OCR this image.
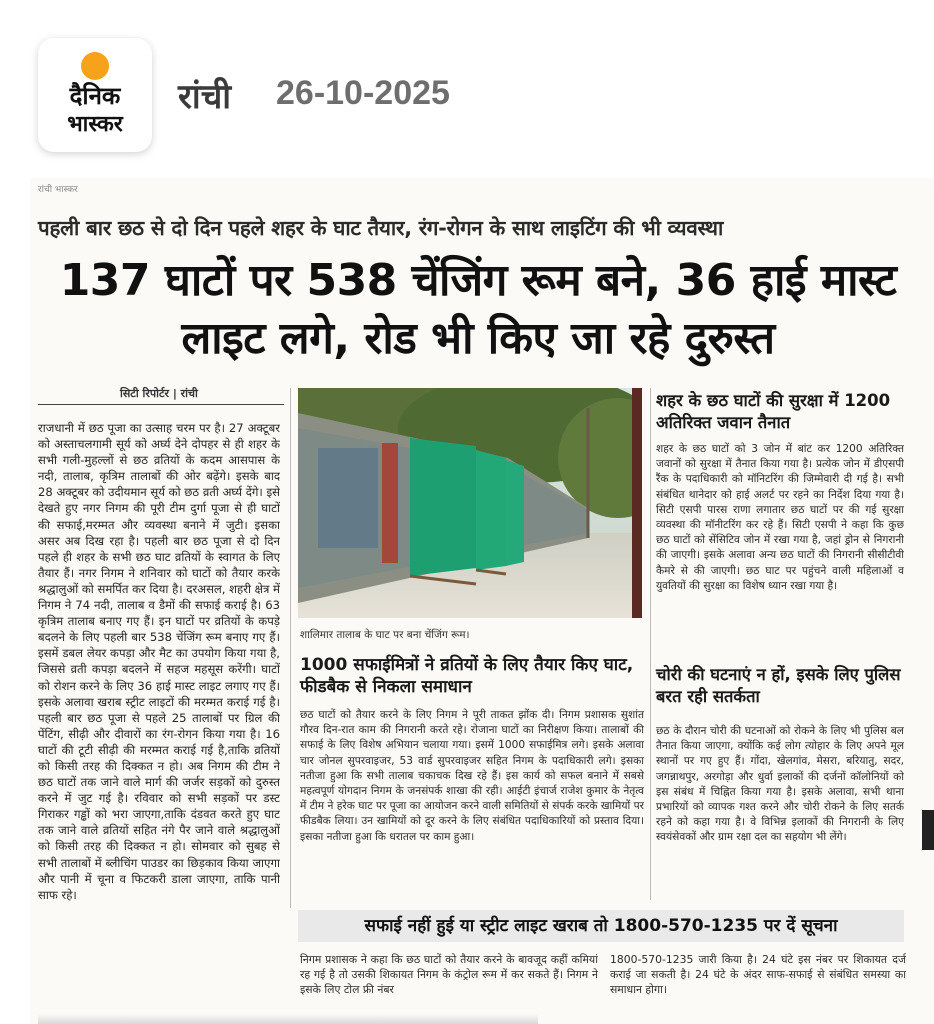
दैनिक
भास्कर
रांची 26-10-2025
रांची भास्कर
पहली बार छठ से दो दिन पहले शहर के घाट तैयार, रंग-रोगन के साथ लाइटिंग की भी व्यवस्था
137 घाटों पर 538 चेंजिंग रूम बने, 36 हाई मास्ट लाइट लगे, रोड भी किए जा रहे दुरुस्त
सिटी रिपोर्टर | रांची
राजधानी में छठ पूजा का उत्साह चरम पर है। 27 अक्टूबर को अस्ताचलगामी सूर्य को अर्घ्य देने दोपहर से ही शहर के सभी गली-मुहल्लों से छठ व्रतियों के कदम आसपास के नदी, तालाब, कृत्रिम तालाबों की ओर बढ़ेंगे। इसके बाद 28 अक्टूबर को उदीयमान सूर्य को छठ व्रती अर्घ्य देंगे। इसे देखते हुए नगर निगम की पूरी टीम दुर्गा पूजा से ही घाटों की सफाई,मरम्मत और व्यवस्था बनाने में जुटी। इसका असर अब दिख रहा है। पहली बार छठ पूजा से दो दिन पहले ही शहर के सभी छठ घाट व्रतियों के स्वागत के लिए तैयार हैं। नगर निगम ने शनिवार को घाटों को तैयार करके श्रद्धालुओं को समर्पित कर दिया है। दरअसल, शहरी क्षेत्र में निगम ने 74 नदी, तालाब व डैमों की सफाई कराई है। 63 कृत्रिम तालाब बनाए गए हैं। इन घाटों पर व्रतियों के कपड़े बदलने के लिए पहली बार 538 चेंजिंग रूम बनाए गए हैं। इसमें डबल लेयर कपड़ा और मैट का उपयोग किया गया है, जिससे व्रती कपड़ा बदलने में सहज महसूस करेंगी। घाटों को रोशन करने के लिए 36 हाई मास्ट लाइट लगाए गए हैं। इसके अलावा खराब स्ट्रीट लाइटों की मरम्मत कराई गई है। पहली बार छठ पूजा से पहले 25 तालाबों पर ग्रिल की पेंटिंग, सीढ़ी और दीवारों का रंग-रोगन किया गया है। 16 घाटों की टूटी सीढ़ी की मरम्मत कराई गई है,ताकि व्रतियों को किसी तरह की दिक्कत न हो। अब निगम की टीम ने छठ घाटों तक जाने वाले मार्ग की जर्जर सड़कों को दुरुस्त करने में जुट गई है। रविवार को सभी सड़कों पर डस्ट गिराकर गड्ढों को भरा जाएगा,ताकि दंडवत करते हुए घाट तक जाने वाले व्रतियों सहित नंगे पैर जाने वाले श्रद्धालुओं को किसी तरह की दिक्कत न हो। सोमवार को सुबह से सभी तालाबों में ब्लीचिंग पाउडर का छिड़काव किया जाएगा और पानी में चूना व फिटकरी डाला जाएगा, ताकि पानी साफ रहे।
शालिमार तालाब के घाट पर बना चेंजिंग रूम।
1000 सफाईमित्रों ने व्रतियों के लिए तैयार किए घाट, फीडबैक से निकला समाधान
छठ घाटों को तैयार करने के लिए निगम ने पूरी ताकत झोंक दी। निगम प्रशासक सुशांत गौरव दिन-रात काम की निगरानी करते रहे। रोजाना घाटों का निरीक्षण किया। तालाबों की सफाई के लिए विशेष अभियान चलाया गया। इसमें 1000 सफाईमित्र लगे। इसके अलावा चार जोनल सुपरवाइजर, 53 वार्ड सुपरवाइजर सहित निगम के पदाधिकारी लगे। इसका नतीजा हुआ कि सभी तालाब चकाचक दिख रहे हैं। इस कार्य को सफल बनाने में सबसे महत्वपूर्ण योगदान निगम के जनसंपर्क शाखा की रही। आईटी इंचार्ज राजेश कुमार के नेतृत्व में टीम ने हरेक घाट पर पूजा का आयोजन करने वाली समितियों से संपर्क करके खामियों पर फीडबैक लिया। उन खामियों को दूर करने के लिए संबंधित पदाधिकारियों को प्रस्ताव दिया। इसका नतीजा हुआ कि धरातल पर काम हुआ।
शहर के छठ घाटों की सुरक्षा में 1200 अतिरिक्त जवान तैनात
शहर के छठ घाटों को 3 जोन में बांट कर 1200 अतिरिक्त जवानों को सुरक्षा में तैनात किया गया है। प्रत्येक जोन में डीएसपी रैंक के पदाधिकारी को मॉनिटरिंग की जिम्मेवारी दी गई है। सभी संबंधित थानेदार को हाई अलर्ट पर रहने का निर्देश दिया गया है। सिटी एसपी पारस राणा लगातार छठ घाटों पर की गई सुरक्षा व्यवस्था की मॉनीटरिंग कर रहे हैं। सिटी एसपी ने कहा कि कुछ छठ घाटों को सेंसिटिव जोन में रखा गया है, जहां ड्रोन से निगरानी की जाएगी। इसके अलावा अन्य छठ घाटों की निगरानी सीसीटीवी कैमरे से की जाएगी। छठ घाट पर पहुंचने वाली महिलाओं व युवतियों की सुरक्षा का विशेष ध्यान रखा गया है।
चोरी की घटनाएं न हों, इसके लिए पुलिस बरत रही सतर्कता
छठ के दौरान चोरी की घटनाओं को रोकने के लिए भी पुलिस बल तैनात किया जाएगा, क्योंकि कई लोग त्योहार के लिए अपने मूल स्थानों पर गए हुए हैं। गोंदा, खेलगांव, मेसरा, बरियातु, सदर, जगन्नाथपुर, अरगोड़ा और धुर्वा इलाकों की दर्जनों कॉलोनियों को इस संबंध में चिह्नित किया गया है। इसके अलावा, सभी थाना प्रभारियों को व्यापक गश्त करने और चोरी रोकने के लिए सतर्क रहने को कहा गया है। वे विभिन्न इलाकों की निगरानी के लिए स्वयंसेवकों और ग्राम रक्षा दल का सहयोग भी लेंगे।
सफाई नहीं हुई या स्ट्रीट लाइट खराब तो 1800-570-1235 पर दें सूचना
निगम प्रशासक ने कहा कि छठ घाटों को तैयार करने के बावजूद कहीं कमियां रह गई है तो उसकी शिकायत निगम के कंट्रोल रूम में कर सकते हैं। निगम ने इसके लिए टोल फ्री नंबर
1800-570-1235 जारी किया है। 24 घंटे इस नंबर पर शिकायत दर्ज कराई जा सकती है। 24 घंटे के अंदर साफ-सफाई से संबंधित समस्या का समाधान होगा।
